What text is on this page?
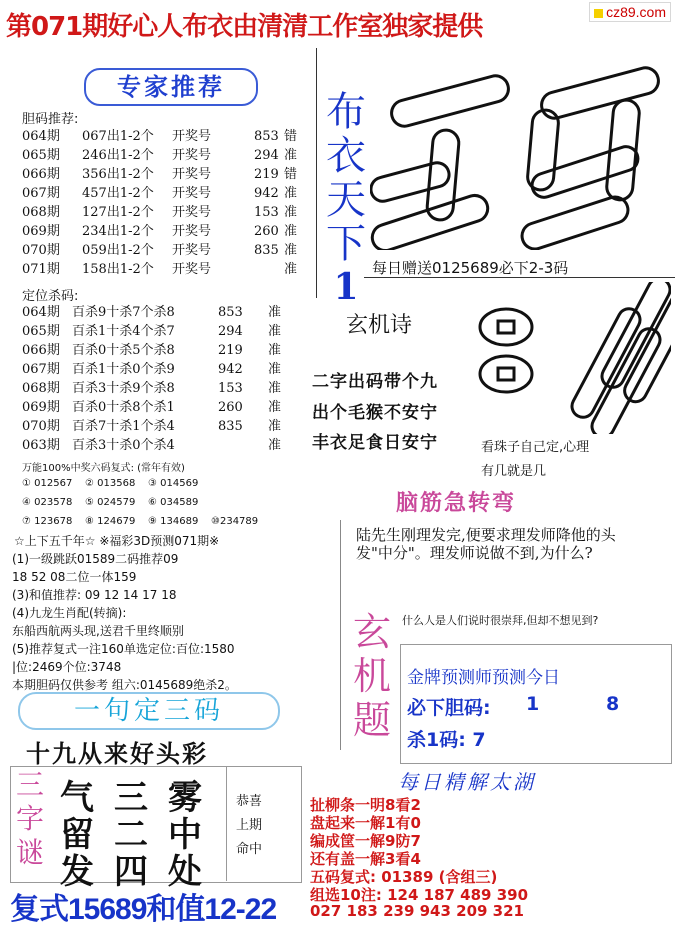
第071期好心人布衣由清清工作室独家提供	cz89.com
专家推荐
胆码推荐:
064期 067出1-2个 开奖号	853 错
065期 246出1-2个 开奖号	294 准
066期 356出1-2个 开奖号	219 错
067期 457出1-2个 开奖号	942 准
068期 127出1-2个 开奖号	153 准
069期 234出1-2个 开奖号	260 准
070期 059出1-2个 开奖号	835 准
071期 158出1-2个 开奖号	准
定位杀码:
064期 百杀9十杀7个杀8	853 准
065期 百杀1十杀4个杀7	294 准
066期 百杀0十杀5个杀8	219 准
067期 百杀1十杀0个杀9	942 准
068期 百杀3十杀9个杀8	153 准
069期 百杀0十杀8个杀1	260 准
070期 百杀7十杀1个杀4	835 准
063期 百杀3十杀0个杀4	准
万能100%中奖六码复式: (常年有效)
① 012567 ② 013568 ③ 014569
④ 023578 ⑤ 024579 ⑥ 034589
⑦ 123678 ⑧ 124679 ⑨ 134689 ⑩234789
☆上下五千年☆ ※福彩3D预测071期※
(1)一级跳跃01589二码推荐09
18 52 08二位一体159
(3)和值推荐: 09 12 14 17 18
(4)九龙生肖配(转摘):
东船西航两头现,送君千里终顺别
(5)推荐复式一注160单选定位:百位:1580
|位:2469个位:3748
本期胆码仅供参考 组六:0145689绝杀2。
布
衣
天
下
1 每日赠送0125689必下2-3码
玄机诗
二字出码带个九
出个毛猴不安宁
丰衣足食日安宁	看珠子自己定,心理
有几就是几
脑筋急转弯
陆先生刚理发完,便要求理发师降他的头发"中分"。理发师说做不到,为什么?
玄
机
题
什么人是人们说时很崇拜,但却不想见到?
金牌预测师预测今日
必下胆码: 1	8
杀1码: 7
一句定三码
十九从来好头彩
三
字
谜
气 三 雾
留 二 中
发 四 处
恭喜
上期
命中
复式15689和值12-22
每日精解太湖
扯柳条一明8看2
盘起来一解1有0
编成筐一解9防7
还有盖一解3看4
五码复式: 01389 (含组三)
组选10注: 124 187 489 390
027 183 239 943 209 321
